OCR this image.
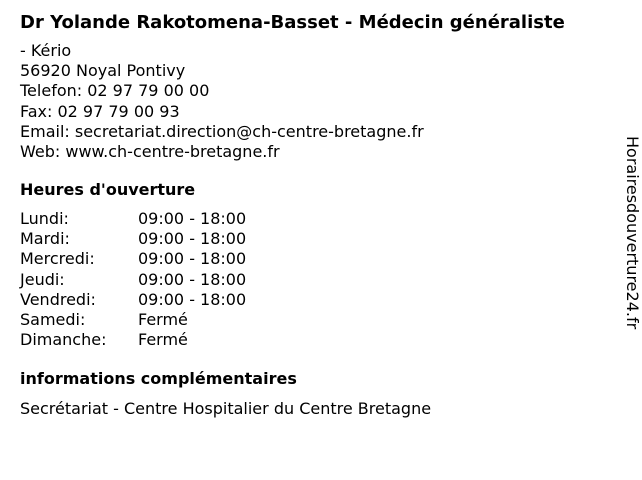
Dr Yolande Rakotomena-Basset - Médecin généraliste
- Kério
56920 Noyal Pontivy
Telefon: 02 97 79 00 00
Fax: 02 97 79 00 93
Email: secretariat.direction@ch-centre-bretagne.fr
Web: www.ch-centre-bretagne.fr
Heures d'ouverture
Lundi:	09:00 - 18:00
Mardi:	09:00 - 18:00
Mercredi:	09:00 - 18:00
Jeudi:	09:00 - 18:00
Vendredi:	09:00 - 18:00
Samedi:	Fermé
Dimanche:	Fermé
informations complémentaires
Secrétariat - Centre Hospitalier du Centre Bretagne
Horairesdouverture24.fr
